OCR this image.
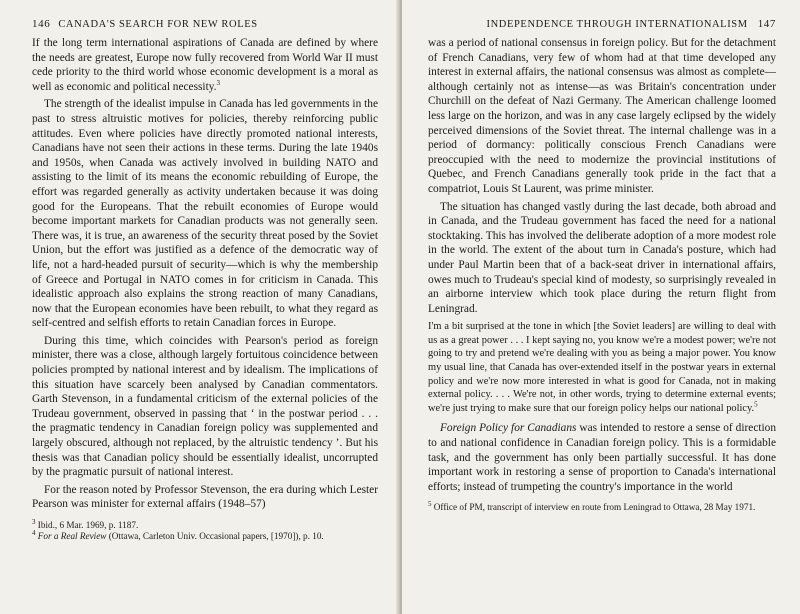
146 CANADA'S SEARCH FOR NEW ROLES

If the long term international aspirations of Canada are defined by where the needs are greatest, Europe now fully recovered from World War II must cede priority to the third world whose economic development is a moral as well as economic and political necessity.$^3$

The strength of the idealist impulse in Canada has led governments in the past to stress altruistic motives for policies, thereby reinforcing public attitudes. Even where policies have directly promoted national interests, Canadians have not seen their actions in these terms. During the late 1940s and 1950s, when Canada was actively involved in building NATO and assisting to the limit of its means the economic rebuilding of Europe, the effort was regarded generally as activity undertaken because it was doing good for the Europeans. That the rebuilt economies of Europe would become important markets for Canadian products was not generally seen. There was, it is true, an awareness of the security threat posed by the Soviet Union, but the effort was justified as a defence of the democratic way of life, not a hard-headed pursuit of security—which is why the membership of Greece and Portugal in NATO comes in for criticism in Canada. This idealistic approach also explains the strong reaction of many Canadians, now that the European economies have been rebuilt, to what they regard as self-centred and selfish efforts to retain Canadian forces in Europe.

During this time, which coincides with Pearson's period as foreign minister, there was a close, although largely fortuitous coincidence between policies prompted by national interest and by idealism. The implications of this situation have scarcely been analysed by Canadian commentators. Garth Stevenson, in a fundamental criticism of the external policies of the Trudeau government, observed in passing that ‘ in the postwar period . . . the pragmatic tendency in Canadian foreign policy was supplemented and largely obscured, although not replaced, by the altruistic tendency ’. But his thesis was that Canadian policy should be essentially idealist, uncorrupted by the pragmatic pursuit of national interest.

For the reason noted by Professor Stevenson, the era during which Lester Pearson was minister for external affairs (1948–57)

$^3$ Ibid., 6 Mar. 1969, p. 1187.

$^4$ For a Real Review (Ottawa, Carleton Univ. Occasional papers, [1970]), p. 10.

INDEPENDENCE THROUGH INTERNATIONALISM 147

was a period of national consensus in foreign policy. But for the detachment of French Canadians, very few of whom had at that time developed any interest in external affairs, the national consensus was almost as complete—although certainly not as intense—as was Britain's concentration under Churchill on the defeat of Nazi Germany. The American challenge loomed less large on the horizon, and was in any case largely eclipsed by the widely perceived dimensions of the Soviet threat. The internal challenge was in a period of dormancy: politically conscious French Canadians were preoccupied with the need to modernize the provincial institutions of Quebec, and French Canadians generally took pride in the fact that a compatriot, Louis St Laurent, was prime minister.

The situation has changed vastly during the last decade, both abroad and in Canada, and the Trudeau government has faced the need for a national stocktaking. This has involved the deliberate adoption of a more modest role in the world. The extent of the about turn in Canada's posture, which had under Paul Martin been that of a back-seat driver in international affairs, owes much to Trudeau's special kind of modesty, so surprisingly revealed in an airborne interview which took place during the return flight from Leningrad.

I'm a bit surprised at the tone in which [the Soviet leaders] are willing to deal with us as a great power . . . I kept saying no, you know we're a modest power; we're not going to try and pretend we're dealing with you as being a major power. You know my usual line, that Canada has over-extended itself in the postwar years in external policy and we're now more interested in what is good for Canada, not in making external policy. . . . We're not, in other words, trying to determine external events; we're just trying to make sure that our foreign policy helps our national policy.$^5$

Foreign Policy for Canadians was intended to restore a sense of direction to and national confidence in Canadian foreign policy. This is a formidable task, and the government has only been partially successful. It has done important work in restoring a sense of proportion to Canada's international efforts; instead of trumpeting the country's importance in the world

$^5$ Office of PM, transcript of interview en route from Leningrad to Ottawa, 28 May 1971.
